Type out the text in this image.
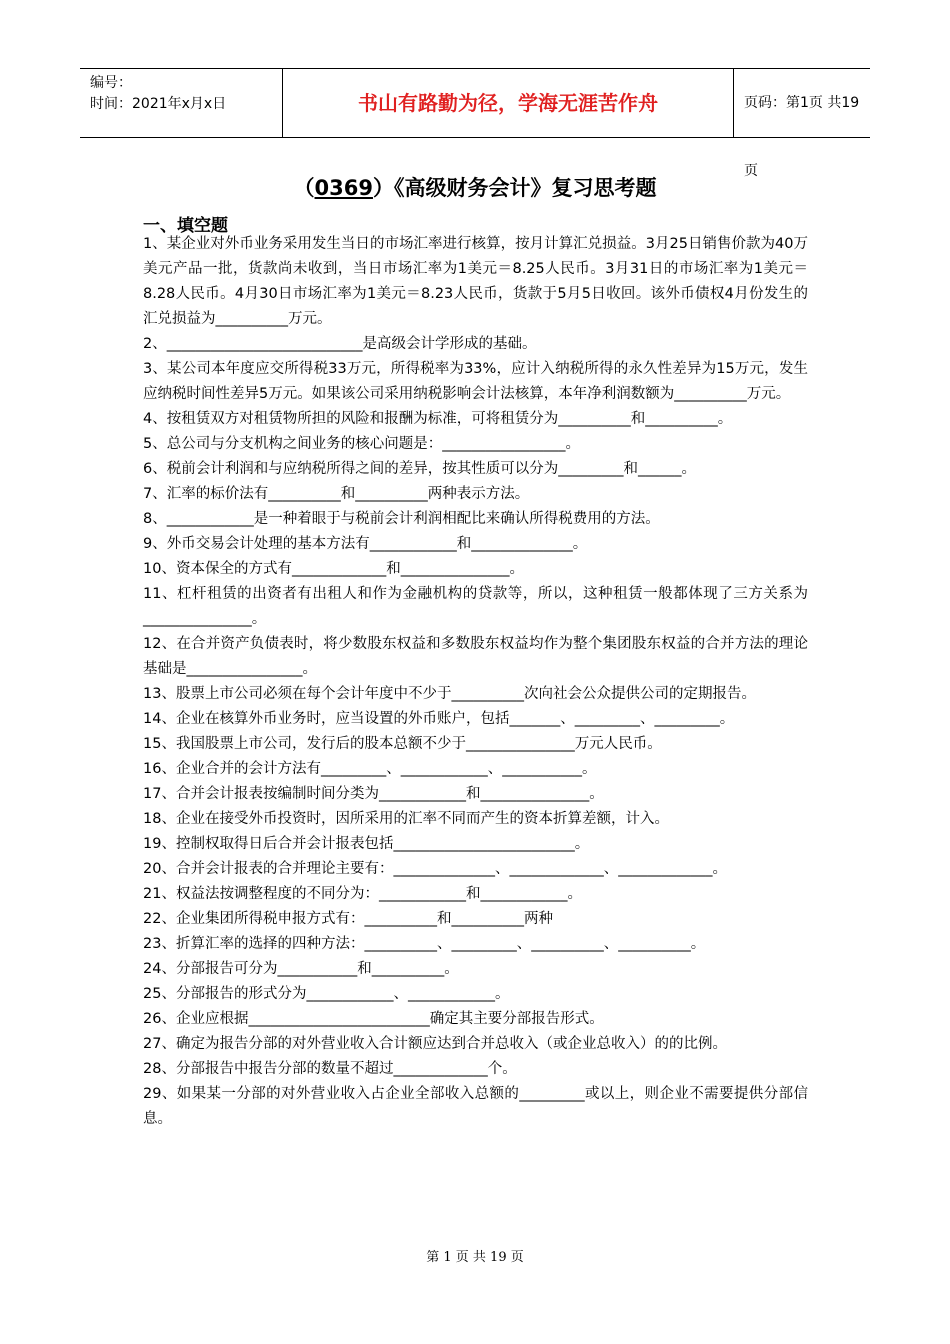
编号：
时间：2021年x月x日	书山有路勤为径，学海无涯苦作舟	页码：第1页 共19页
（0369）《高级财务会计》复习思考题
一、填空题

1、某企业对外币业务采用发生当日的市场汇率进行核算，按月计算汇兑损益。3月25日销售价款为40万美元产品一批，货款尚未收到，当日市场汇率为1美元＝8.25人民币。3月31日的市场汇率为1美元＝8.28人民币。4月30日市场汇率为1美元＝8.23人民币，货款于5月5日收回。该外币债权4月份发生的汇兑损益为__________万元。

2、___________________________是高级会计学形成的基础。

3、某公司本年度应交所得税33万元，所得税率为33%，应计入纳税所得的永久性差异为15万元，发生应纳税时间性差异5万元。如果该公司采用纳税影响会计法核算，本年净利润数额为__________万元。

4、按租赁双方对租赁物所担的风险和报酬为标准，可将租赁分为__________和__________。

5、总公司与分支机构之间业务的核心问题是：_________________。

6、税前会计利润和与应纳税所得之间的差异，按其性质可以分为_________和______。

7、汇率的标价法有__________和__________两种表示方法。

8、____________是一种着眼于与税前会计利润相配比来确认所得税费用的方法。

9、外币交易会计处理的基本方法有____________和______________。

10、资本保全的方式有_____________和_______________。

11、杠杆租赁的出资者有出租人和作为金融机构的贷款等，所以，这种租赁一般都体现了三方关系为_______________。

12、在合并资产负债表时，将少数股东权益和多数股东权益均作为整个集团股东权益的合并方法的理论基础是________________。

13、股票上市公司必须在每个会计年度中不少于__________次向社会公众提供公司的定期报告。

14、企业在核算外币业务时，应当设置的外币账户，包括_______、_________、_________。

15、我国股票上市公司，发行后的股本总额不少于_______________万元人民币。

16、企业合并的会计方法有_________、____________、___________。

17、合并会计报表按编制时间分类为____________和_______________。

18、企业在接受外币投资时，因所采用的汇率不同而产生的资本折算差额，计入。

19、控制权取得日后合并会计报表包括_________________________。

20、合并会计报表的合并理论主要有：______________、_____________、_____________。

21、权益法按调整程度的不同分为：____________和____________。

22、企业集团所得税申报方式有：__________和__________两种

23、折算汇率的选择的四种方法：__________、_________、__________、__________。

24、分部报告可分为___________和__________。

25、分部报告的形式分为____________、____________。

26、企业应根据_________________________确定其主要分部报告形式。

27、确定为报告分部的对外营业收入合计额应达到合并总收入（或企业总收入）的的比例。

28、分部报告中报告分部的数量不超过_____________个。

29、如果某一分部的对外营业收入占企业全部收入总额的_________或以上，则企业不需要提供分部信息。

第 1 页 共 19 页
